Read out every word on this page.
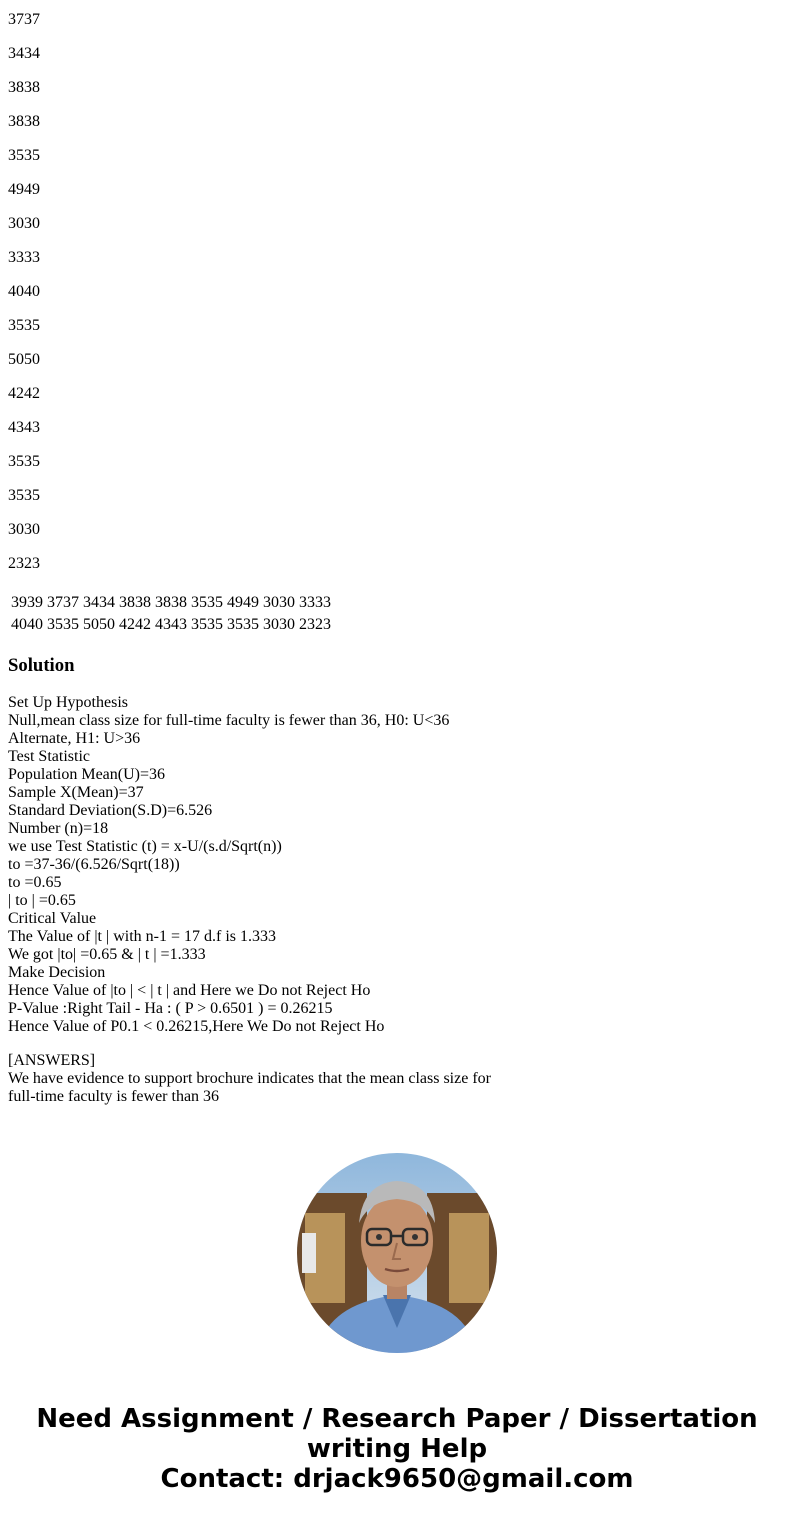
3737

3434

3838

3838

3535

4949

3030

3333

4040

3535

5050

4242

4343

3535

3535

3030

2323

3939 3737 3434 3838 3838 3535 4949 3030 3333
4040 3535 5050 4242 4343 3535 3535 3030 2323
Solution
Set Up Hypothesis
Null,mean class size for full-time faculty is fewer than 36, H0: U<36
Alternate, H1: U>36
Test Statistic
Population Mean(U)=36
Sample X(Mean)=37
Standard Deviation(S.D)=6.526
Number (n)=18
we use Test Statistic (t) = x-U/(s.d/Sqrt(n))
to =37-36/(6.526/Sqrt(18))
to =0.65
| to | =0.65
Critical Value
The Value of |t | with n-1 = 17 d.f is 1.333
We got |to| =0.65 & | t | =1.333
Make Decision
Hence Value of |to | < | t | and Here we Do not Reject Ho
P-Value :Right Tail - Ha : ( P > 0.6501 ) = 0.26215
Hence Value of P0.1 < 0.26215,Here We Do not Reject Ho
[ANSWERS]
We have evidence to support brochure indicates that the mean class size for full-time faculty is fewer than 36
Need Assignment / Research Paper / Dissertation
writing Help
Contact: drjack9650@gmail.com
